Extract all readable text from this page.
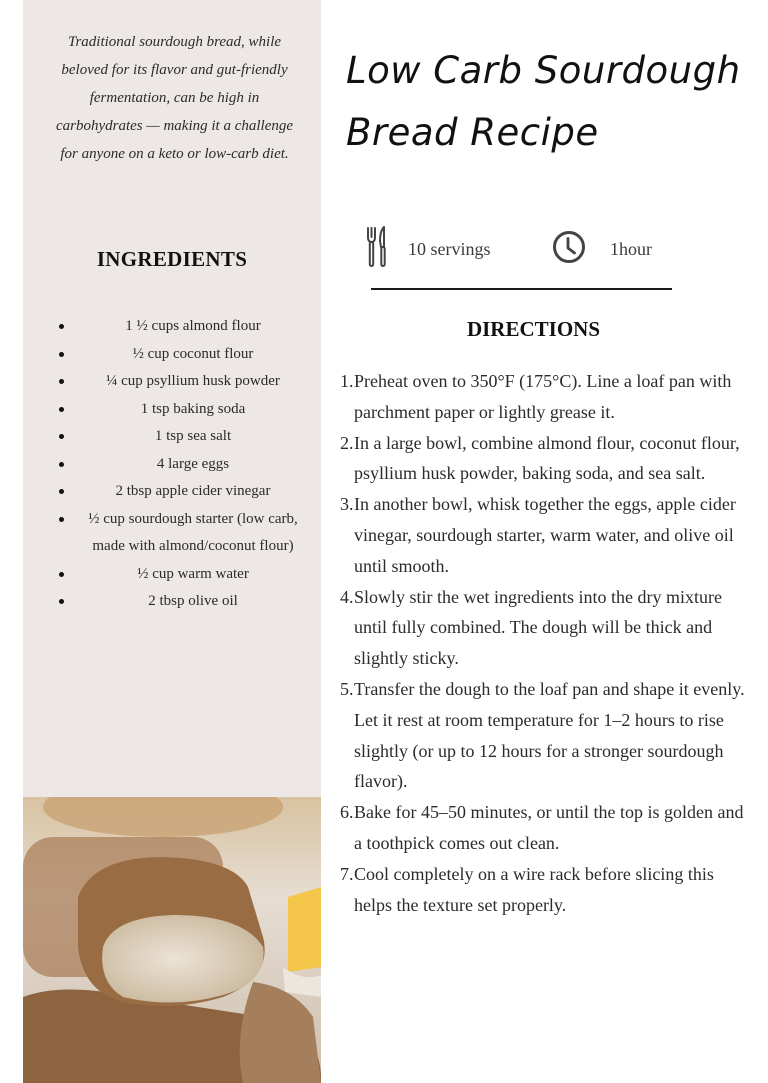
Traditional sourdough bread, while beloved for its flavor and gut-friendly fermentation, can be high in carbohydrates — making it a challenge for anyone on a keto or low-carb diet.

INGREDIENTS
1 ½ cups almond flour
½ cup coconut flour
¼ cup psyllium husk powder
1 tsp baking soda
1 tsp sea salt
4 large eggs
2 tbsp apple cider vinegar
½ cup sourdough starter (low carb, made with almond/coconut flour)
½ cup warm water
2 tbsp olive oil
Low Carb Sourdough
Bread Recipe
10 servings	1hour
DIRECTIONS
1. Preheat oven to 350°F (175°C). Line a loaf pan with parchment paper or lightly grease it.
2. In a large bowl, combine almond flour, coconut flour, psyllium husk powder, baking soda, and sea salt.
3. In another bowl, whisk together the eggs, apple cider vinegar, sourdough starter, warm water, and olive oil until smooth.
4. Slowly stir the wet ingredients into the dry mixture until fully combined. The dough will be thick and slightly sticky.
5. Transfer the dough to the loaf pan and shape it evenly. Let it rest at room temperature for 1–2 hours to rise slightly (or up to 12 hours for a stronger sourdough flavor).
6. Bake for 45–50 minutes, or until the top is golden and a toothpick comes out clean.
7. Cool completely on a wire rack before slicing this helps the texture set properly.
